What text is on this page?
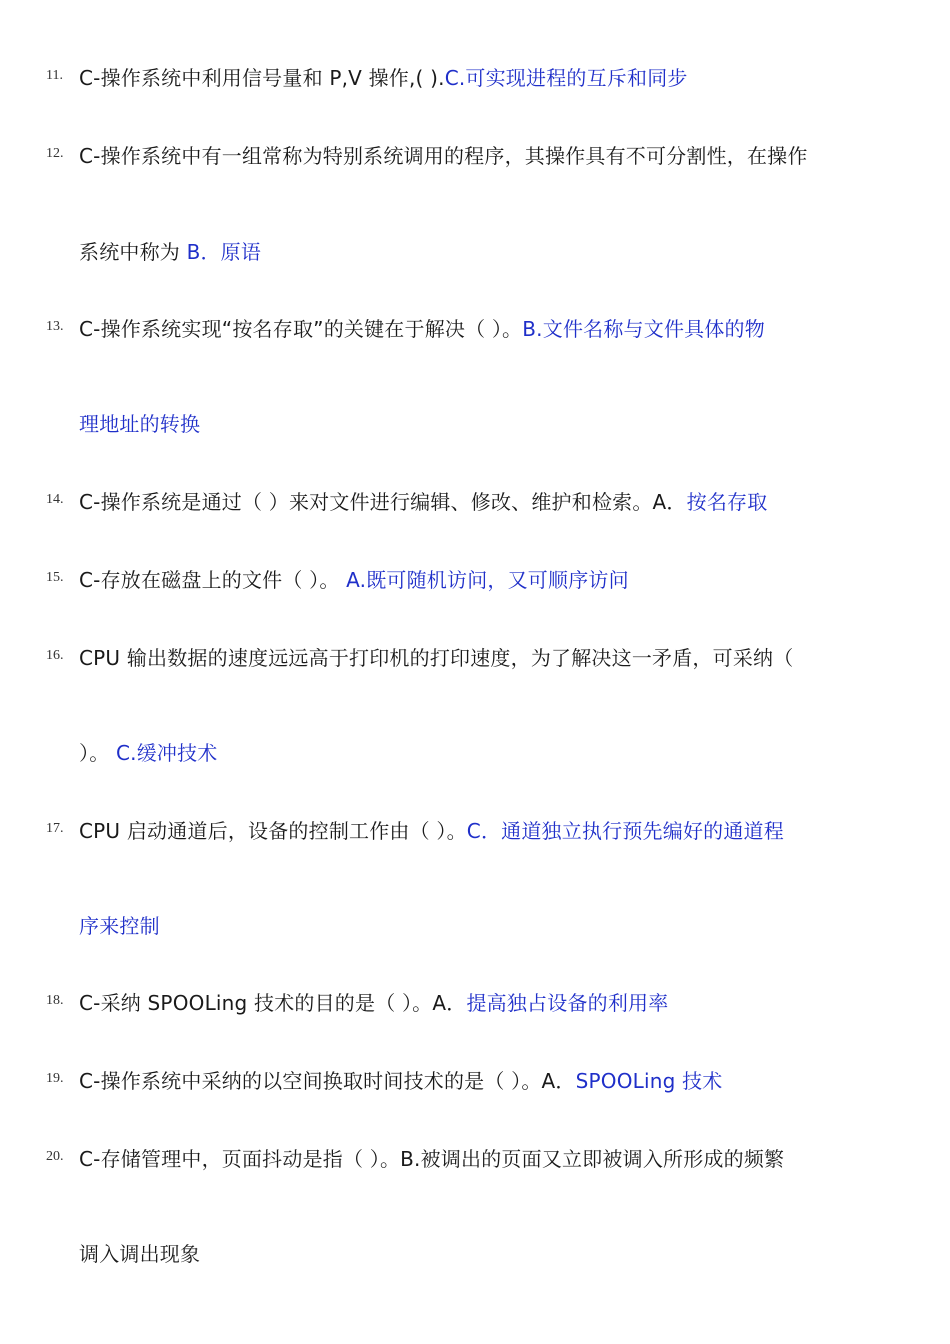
11. C-操作系统中利用信号量和 P,V 操作,( ).C.可实现进程的互斥和同步
12. C-操作系统中有一组常称为特别系统调用的程序，其操作具有不可分割性，在操作
系统中称为 B．原语
13. C-操作系统实现“按名存取”的关键在于解决（ ）。B.文件名称与文件具体的物
理地址的转换
14. C-操作系统是通过（ ）来对文件进行编辑、修改、维护和检索。A．按名存取
15. C-存放在磁盘上的文件（ ）。 A.既可随机访问，又可顺序访问
16. CPU 输出数据的速度远远高于打印机的打印速度，为了解决这一矛盾，可采纳（
）。 C.缓冲技术
17. CPU 启动通道后，设备的控制工作由（ ）。C．通道独立执行预先编好的通道程
序来控制
18. C-采纳 SPOOLing 技术的目的是（ ）。A．提高独占设备的利用率
19. C-操作系统中采纳的以空间换取时间技术的是（ ）。A．SPOOLing 技术
20. C-存储管理中，页面抖动是指（ ）。B.被调出的页面又立即被调入所形成的频繁
调入调出现象
